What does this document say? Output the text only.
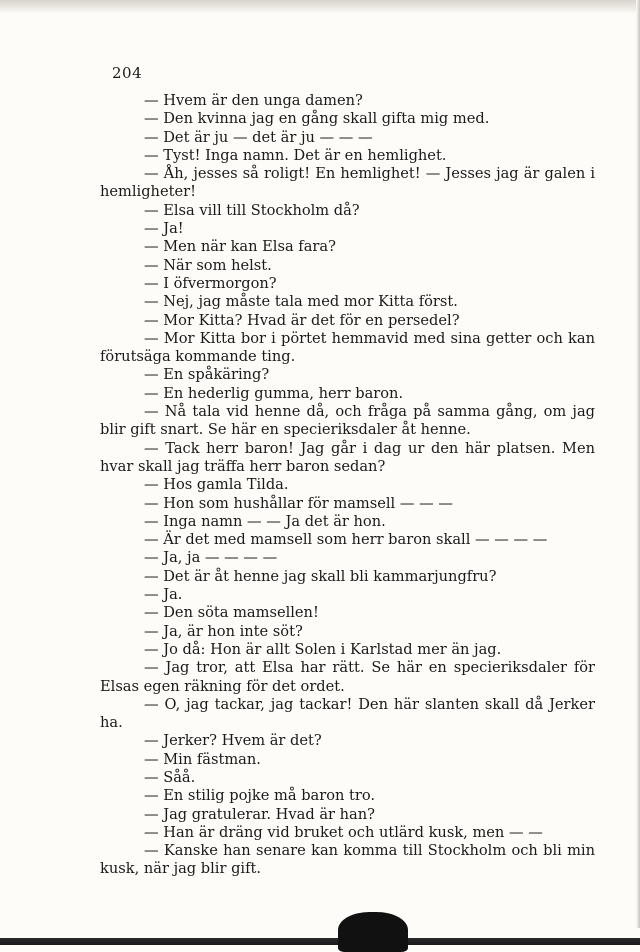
204

— Hvem är den unga damen?

— Den kvinna jag en gång skall gifta mig med.

— Det är ju — det är ju — — —

— Tyst! Inga namn. Det är en hemlighet.

— Åh, jesses så roligt! En hemlighet! — Jesses jag är galen i hemligheter!

— Elsa vill till Stockholm då?

— Ja!

— Men när kan Elsa fara?

— När som helst.

— I öfvermorgon?

— Nej, jag måste tala med mor Kitta först.

— Mor Kitta? Hvad är det för en persedel?

— Mor Kitta bor i pörtet hemmavid med sina getter och kan förutsäga kommande ting.

— En spåkäring?

— En hederlig gumma, herr baron.

— Nå tala vid henne då, och fråga på samma gång, om jag blir gift snart. Se här en specieriksdaler åt henne.

— Tack herr baron! Jag går i dag ur den här platsen. Men hvar skall jag träffa herr baron sedan?

— Hos gamla Tilda.

— Hon som hushållar för mamsell — — —

— Inga namn — — Ja det är hon.

— Är det med mamsell som herr baron skall — — — —

— Ja, ja — — — —

— Det är åt henne jag skall bli kammarjungfru?

— Ja.

— Den söta mamsellen!

— Ja, är hon inte söt?

— Jo då: Hon är allt Solen i Karlstad mer än jag.

— Jag tror, att Elsa har rätt. Se här en specieriksdaler för Elsas egen räkning för det ordet.

— O, jag tackar, jag tackar! Den här slanten skall då Jerker ha.

— Jerker? Hvem är det?

— Min fästman.

— Såå.

— En stilig pojke må baron tro.

— Jag gratulerar. Hvad är han?

— Han är dräng vid bruket och utlärd kusk, men — —

— Kanske han senare kan komma till Stockholm och bli min kusk, när jag blir gift.
